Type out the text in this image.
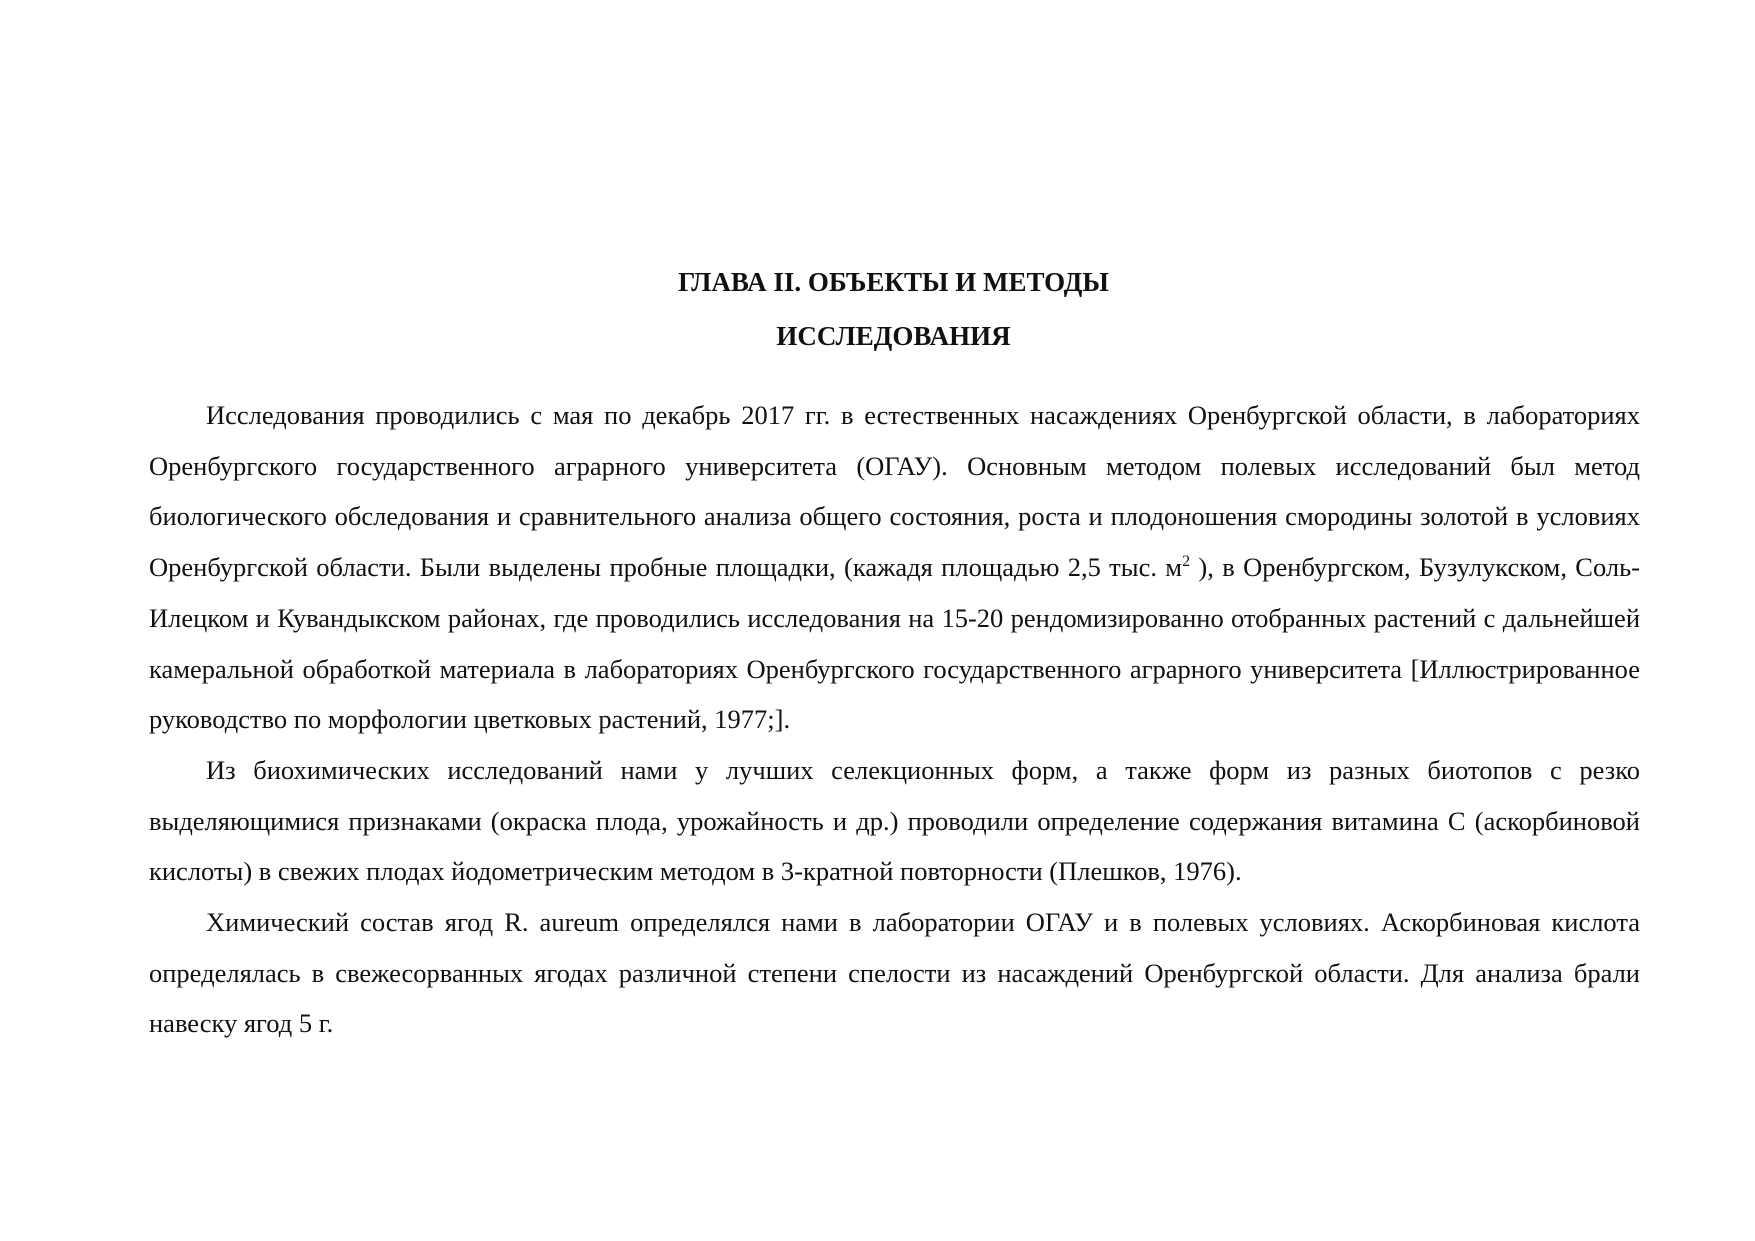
ГЛАВА II. ОБЪЕКТЫ И МЕТОДЫ
ИССЛЕДОВАНИЯ

Исследования проводились с мая по декабрь 2017 гг. в естественных насаждениях Оренбургской области, в лабораториях Оренбургского государственного аграрного университета (ОГАУ). Основным методом полевых исследований был метод биологического обследования и сравнительного анализа общего состояния, роста и плодоношения смородины золотой в условиях Оренбургской области. Были выделены пробные площадки, (кажадя площадью 2,5 тыс. $м^2$ ), в Оренбургском, Бузулукском, Соль-Илецком и Кувандыкском районах, где проводились исследования на 15-20 рендомизированно отобранных растений с дальнейшей камеральной обработкой материала в лабораториях Оренбургского государственного аграрного университета [Иллюстрированное руководство по морфологии цветковых растений, 1977;].

Из биохимических исследований нами у лучших селекционных форм, а также форм из разных биотопов с резко выделяющимися признаками (окраска плода, урожайность и др.) проводили определение содержания витамина С (аскорбиновой кислоты) в свежих плодах йодометрическим методом в 3-кратной повторности (Плешков, 1976).

Химический состав ягод R. aureum определялся нами в лаборатории ОГАУ и в полевых условиях. Аскорбиновая кислота определялась в свежесорванных ягодах различной степени спелости из насаждений Оренбургской области. Для анализа брали навеску ягод 5 г.
